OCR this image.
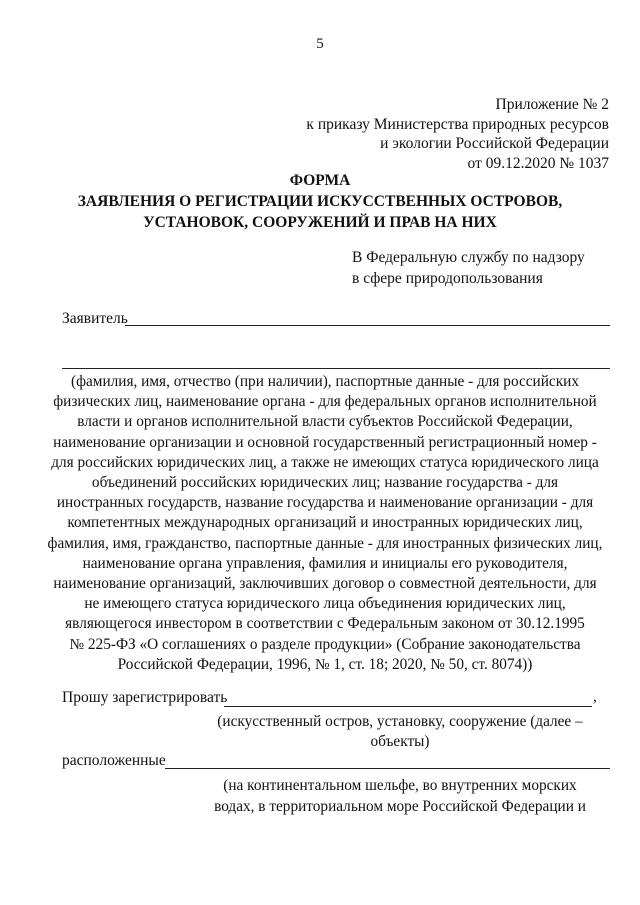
5
Приложение № 2
к приказу Министерства природных ресурсов
и экологии Российской Федерации
от 09.12.2020 № 1037
ФОРМА
ЗАЯВЛЕНИЯ О РЕГИСТРАЦИИ ИСКУССТВЕННЫХ ОСТРОВОВ,
УСТАНОВОК, СООРУЖЕНИЙ И ПРАВ НА НИХ
В Федеральную службу по надзору
в сфере природопользования
Заявитель
(фамилия, имя, отчество (при наличии), паспортные данные - для российских
физических лиц, наименование органа - для федеральных органов исполнительной
власти и органов исполнительной власти субъектов Российской Федерации,
наименование организации и основной государственный регистрационный номер -
для российских юридических лиц, а также не имеющих статуса юридического лица
объединений российских юридических лиц; название государства - для
иностранных государств, название государства и наименование организации - для
компетентных международных организаций и иностранных юридических лиц,
фамилия, имя, гражданство, паспортные данные - для иностранных физических лиц,
наименование органа управления, фамилия и инициалы его руководителя,
наименование организаций, заключивших договор о совместной деятельности, для
не имеющего статуса юридического лица объединения юридических лиц,
являющегося инвестором в соответствии с Федеральным законом от 30.12.1995
№ 225-ФЗ «О соглашениях о разделе продукции» (Собрание законодательства
Российской Федерации, 1996, № 1, ст. 18; 2020, № 50, ст. 8074))
Прошу зарегистрировать	,
(искусственный остров, установку, сооружение (далее –
объекты)
расположенные
(на континентальном шельфе, во внутренних морских
водах, в территориальном море Российской Федерации и
